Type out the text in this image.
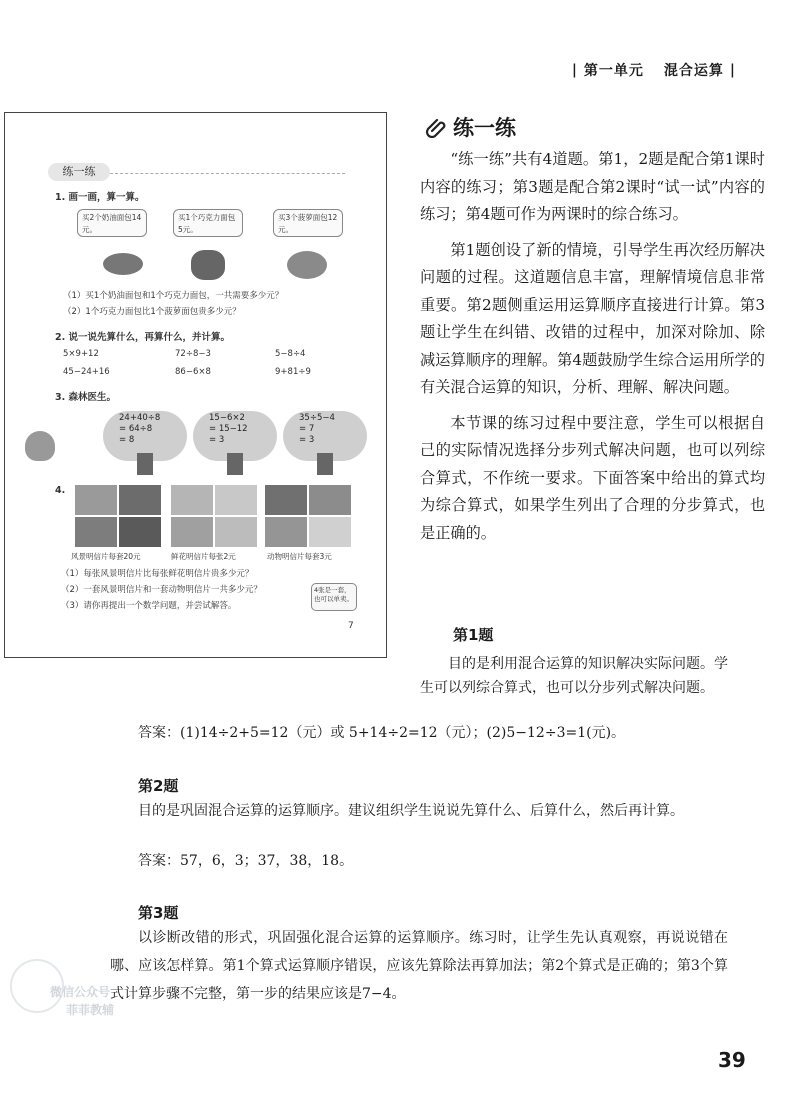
| 第一单元 混合运算 |
练一练
1. 画一画，算一算。
买2个奶油面包14元。
买1个巧克力面包5元。
买3个菠萝面包12元。
（1）买1个奶油面包和1个巧克力面包，一共需要多少元？
（2）1个巧克力面包比1个菠萝面包贵多少元？
2. 说一说先算什么，再算什么，并计算。
5×9+12	72÷8−3	5−8÷4
45−24+16	86−6×8	9+81÷9
3. 森林医生。
24+40÷8
= 64÷8
= 8
15−6×2
= 15−12
= 3
35÷5−4
= 7
= 3
4.
风景明信片每套20元	鲜花明信片每张2元	动物明信片每套3元
（1）每张风景明信片比每张鲜花明信片贵多少元？
（2）一套风景明信片和一套动物明信片一共多少元？
（3）请你再提出一个数学问题，并尝试解答。
4张是一套，也可以单卖。
7
练一练

“练一练”共有4道题。第1，2题是配合第1课时内容的练习；第3题是配合第2课时“试一试”内容的练习；第4题可作为两课时的综合练习。

第1题创设了新的情境，引导学生再次经历解决问题的过程。这道题信息丰富，理解情境信息非常重要。第2题侧重运用运算顺序直接进行计算。第3题让学生在纠错、改错的过程中，加深对除加、除减运算顺序的理解。第4题鼓励学生综合运用所学的有关混合运算的知识，分析、理解、解决问题。

本节课的练习过程中要注意，学生可以根据自己的实际情况选择分步列式解决问题，也可以列综合算式，不作统一要求。下面答案中给出的算式均为综合算式，如果学生列出了合理的分步算式，也是正确的。

第1题
目的是利用混合运算的知识解决实际问题。学生可以列综合算式，也可以分步列式解决问题。
答案：(1)14÷2+5=12（元）或 5+14÷2=12（元）；(2)5−12÷3=1(元)。
第2题
目的是巩固混合运算的运算顺序。建议组织学生说说先算什么、后算什么，然后再计算。
答案：57，6，3；37，38，18。
第3题
以诊断改错的形式，巩固强化混合运算的运算顺序。练习时，让学生先认真观察，再说说错在哪、应该怎样算。第1个算式运算顺序错误，应该先算除法再算加法；第2个算式是正确的；第3个算式计算步骤不完整，第一步的结果应该是7−4。
微信公众号
菲菲教辅
39
